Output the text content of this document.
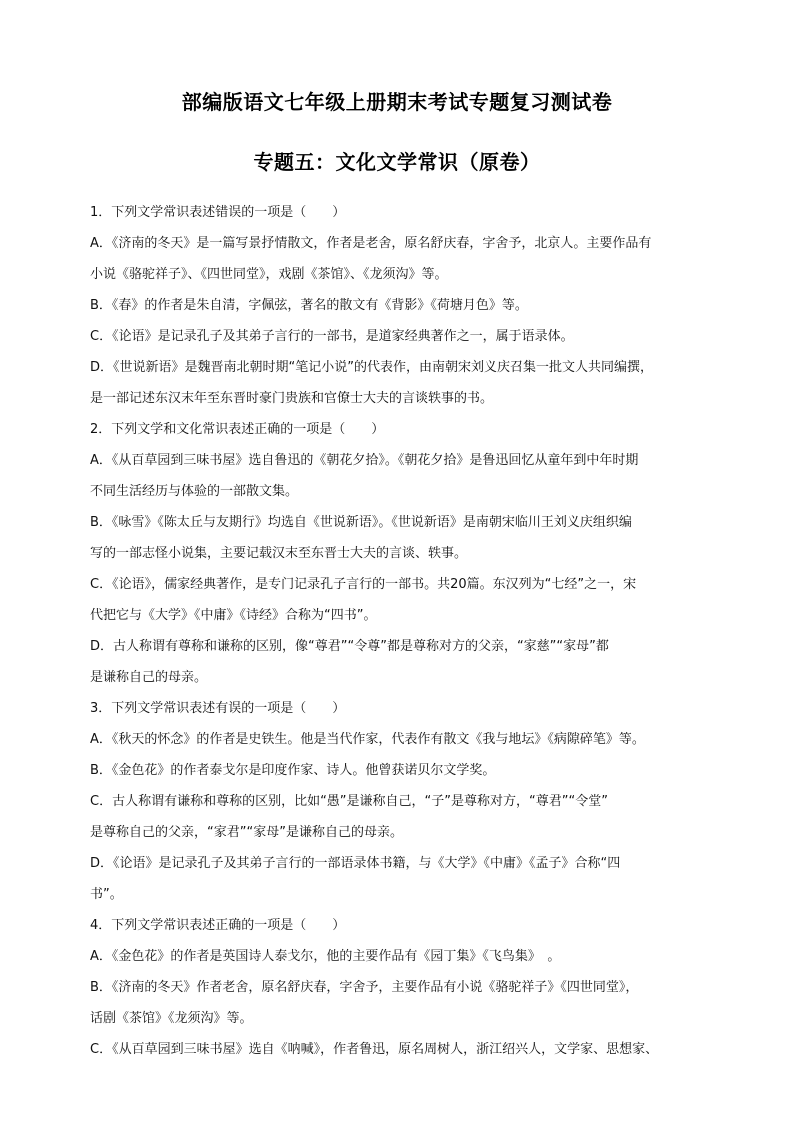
部编版语文七年级上册期末考试专题复习测试卷
专题五：文化文学常识（原卷）
1．下列文学常识表述错误的一项是（　　）
A．《济南的冬天》是一篇写景抒情散文，作者是老舍，原名舒庆春，字舍予，北京人。主要作品有
小说《骆驼祥子》、《四世同堂》，戏剧《茶馆》、《龙须沟》等。
B．《春》的作者是朱自清，字佩弦，著名的散文有《背影》《荷塘月色》等。
C．《论语》是记录孔子及其弟子言行的一部书，是道家经典著作之一，属于语录体。
D．《世说新语》是魏晋南北朝时期“笔记小说”的代表作，由南朝宋刘义庆召集一批文人共同编撰，
是一部记述东汉末年至东晋时豪门贵族和官僚士大夫的言谈轶事的书。
2．下列文学和文化常识表述正确的一项是（　　）
A．《从百草园到三味书屋》选自鲁迅的《朝花夕拾》。《朝花夕拾》是鲁迅回忆从童年到中年时期
不同生活经历与体验的一部散文集。
B．《咏雪》《陈太丘与友期行》均选自《世说新语》。《世说新语》是南朝宋临川王刘义庆组织编
写的一部志怪小说集，主要记载汉末至东晋士大夫的言谈、轶事。
C．《论语》，儒家经典著作，是专门记录孔子言行的一部书。共20篇。东汉列为“七经”之一，宋
代把它与《大学》《中庸》《诗经》合称为“四书”。
D．古人称谓有尊称和谦称的区别，像“尊君”“令尊”都是尊称对方的父亲，“家慈”“家母”都
是谦称自己的母亲。
3．下列文学常识表述有误的一项是（　　）
A．《秋天的怀念》的作者是史铁生。他是当代作家，代表作有散文《我与地坛》《病隙碎笔》等。
B．《金色花》的作者泰戈尔是印度作家、诗人。他曾获诺贝尔文学奖。
C．古人称谓有谦称和尊称的区别，比如“愚”是谦称自己，“子”是尊称对方，“尊君”“令堂”
是尊称自己的父亲，“家君”“家母”是谦称自己的母亲。
D．《论语》是记录孔子及其弟子言行的一部语录体书籍，与《大学》《中庸》《孟子》合称“四
书”。
4．下列文学常识表述正确的一项是（　　）
A．《金色花》的作者是英国诗人泰戈尔，他的主要作品有《园丁集》《飞鸟集》　。
B．《济南的冬天》作者老舍，原名舒庆春，字舍予，主要作品有小说《骆驼祥子》《四世同堂》，
话剧《茶馆》《龙须沟》等。
C．《从百草园到三味书屋》选自《呐喊》，作者鲁迅，原名周树人，浙江绍兴人，文学家、思想家、
